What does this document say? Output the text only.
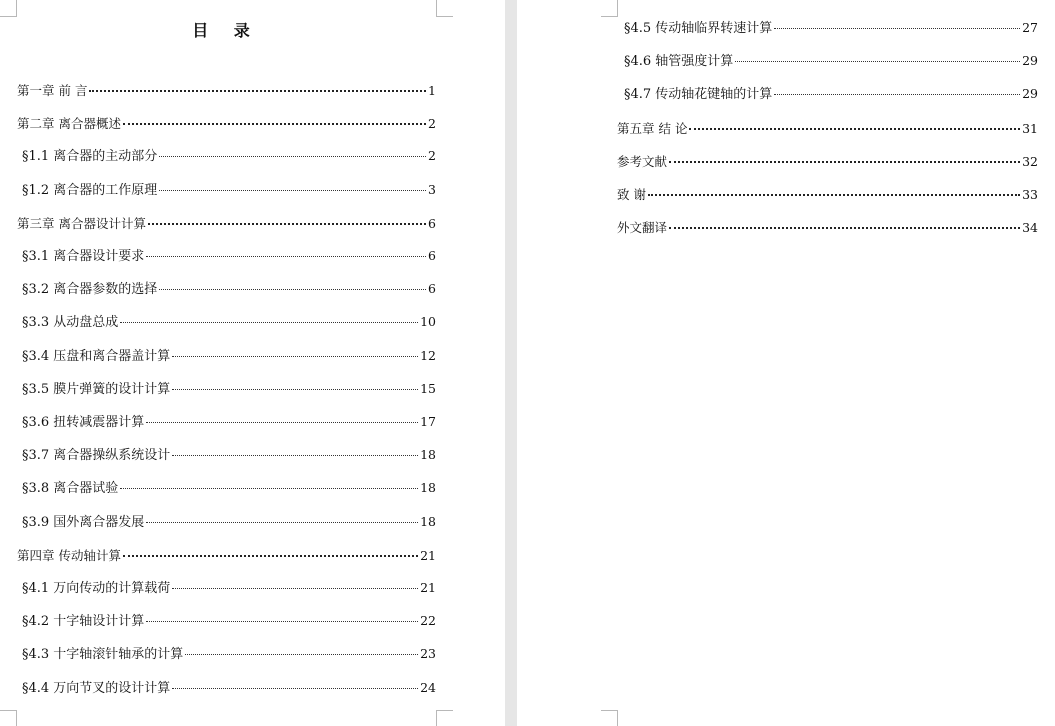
目 录
第一章 前 言	1
第二章 离合器概述	2
§1.1 离合器的主动部分	2
§1.2 离合器的工作原理	3
第三章 离合器设计计算	6
§3.1 离合器设计要求	6
§3.2 离合器参数的选择	6
§3.3 从动盘总成	10
§3.4 压盘和离合器盖计算	12
§3.5 膜片弹簧的设计计算	15
§3.6 扭转减震器计算	17
§3.7 离合器操纵系统设计	18
§3.8 离合器试验	18
§3.9 国外离合器发展	18
第四章 传动轴计算	21
§4.1 万向传动的计算载荷	21
§4.2 十字轴设计计算	22
§4.3 十字轴滚针轴承的计算	23
§4.4 万向节叉的设计计算	24
§4.5 传动轴临界转速计算	27
§4.6 轴管强度计算	29
§4.7 传动轴花键轴的计算	29
第五章 结 论	31
参考文献	32
致 谢	33
外文翻译	34
